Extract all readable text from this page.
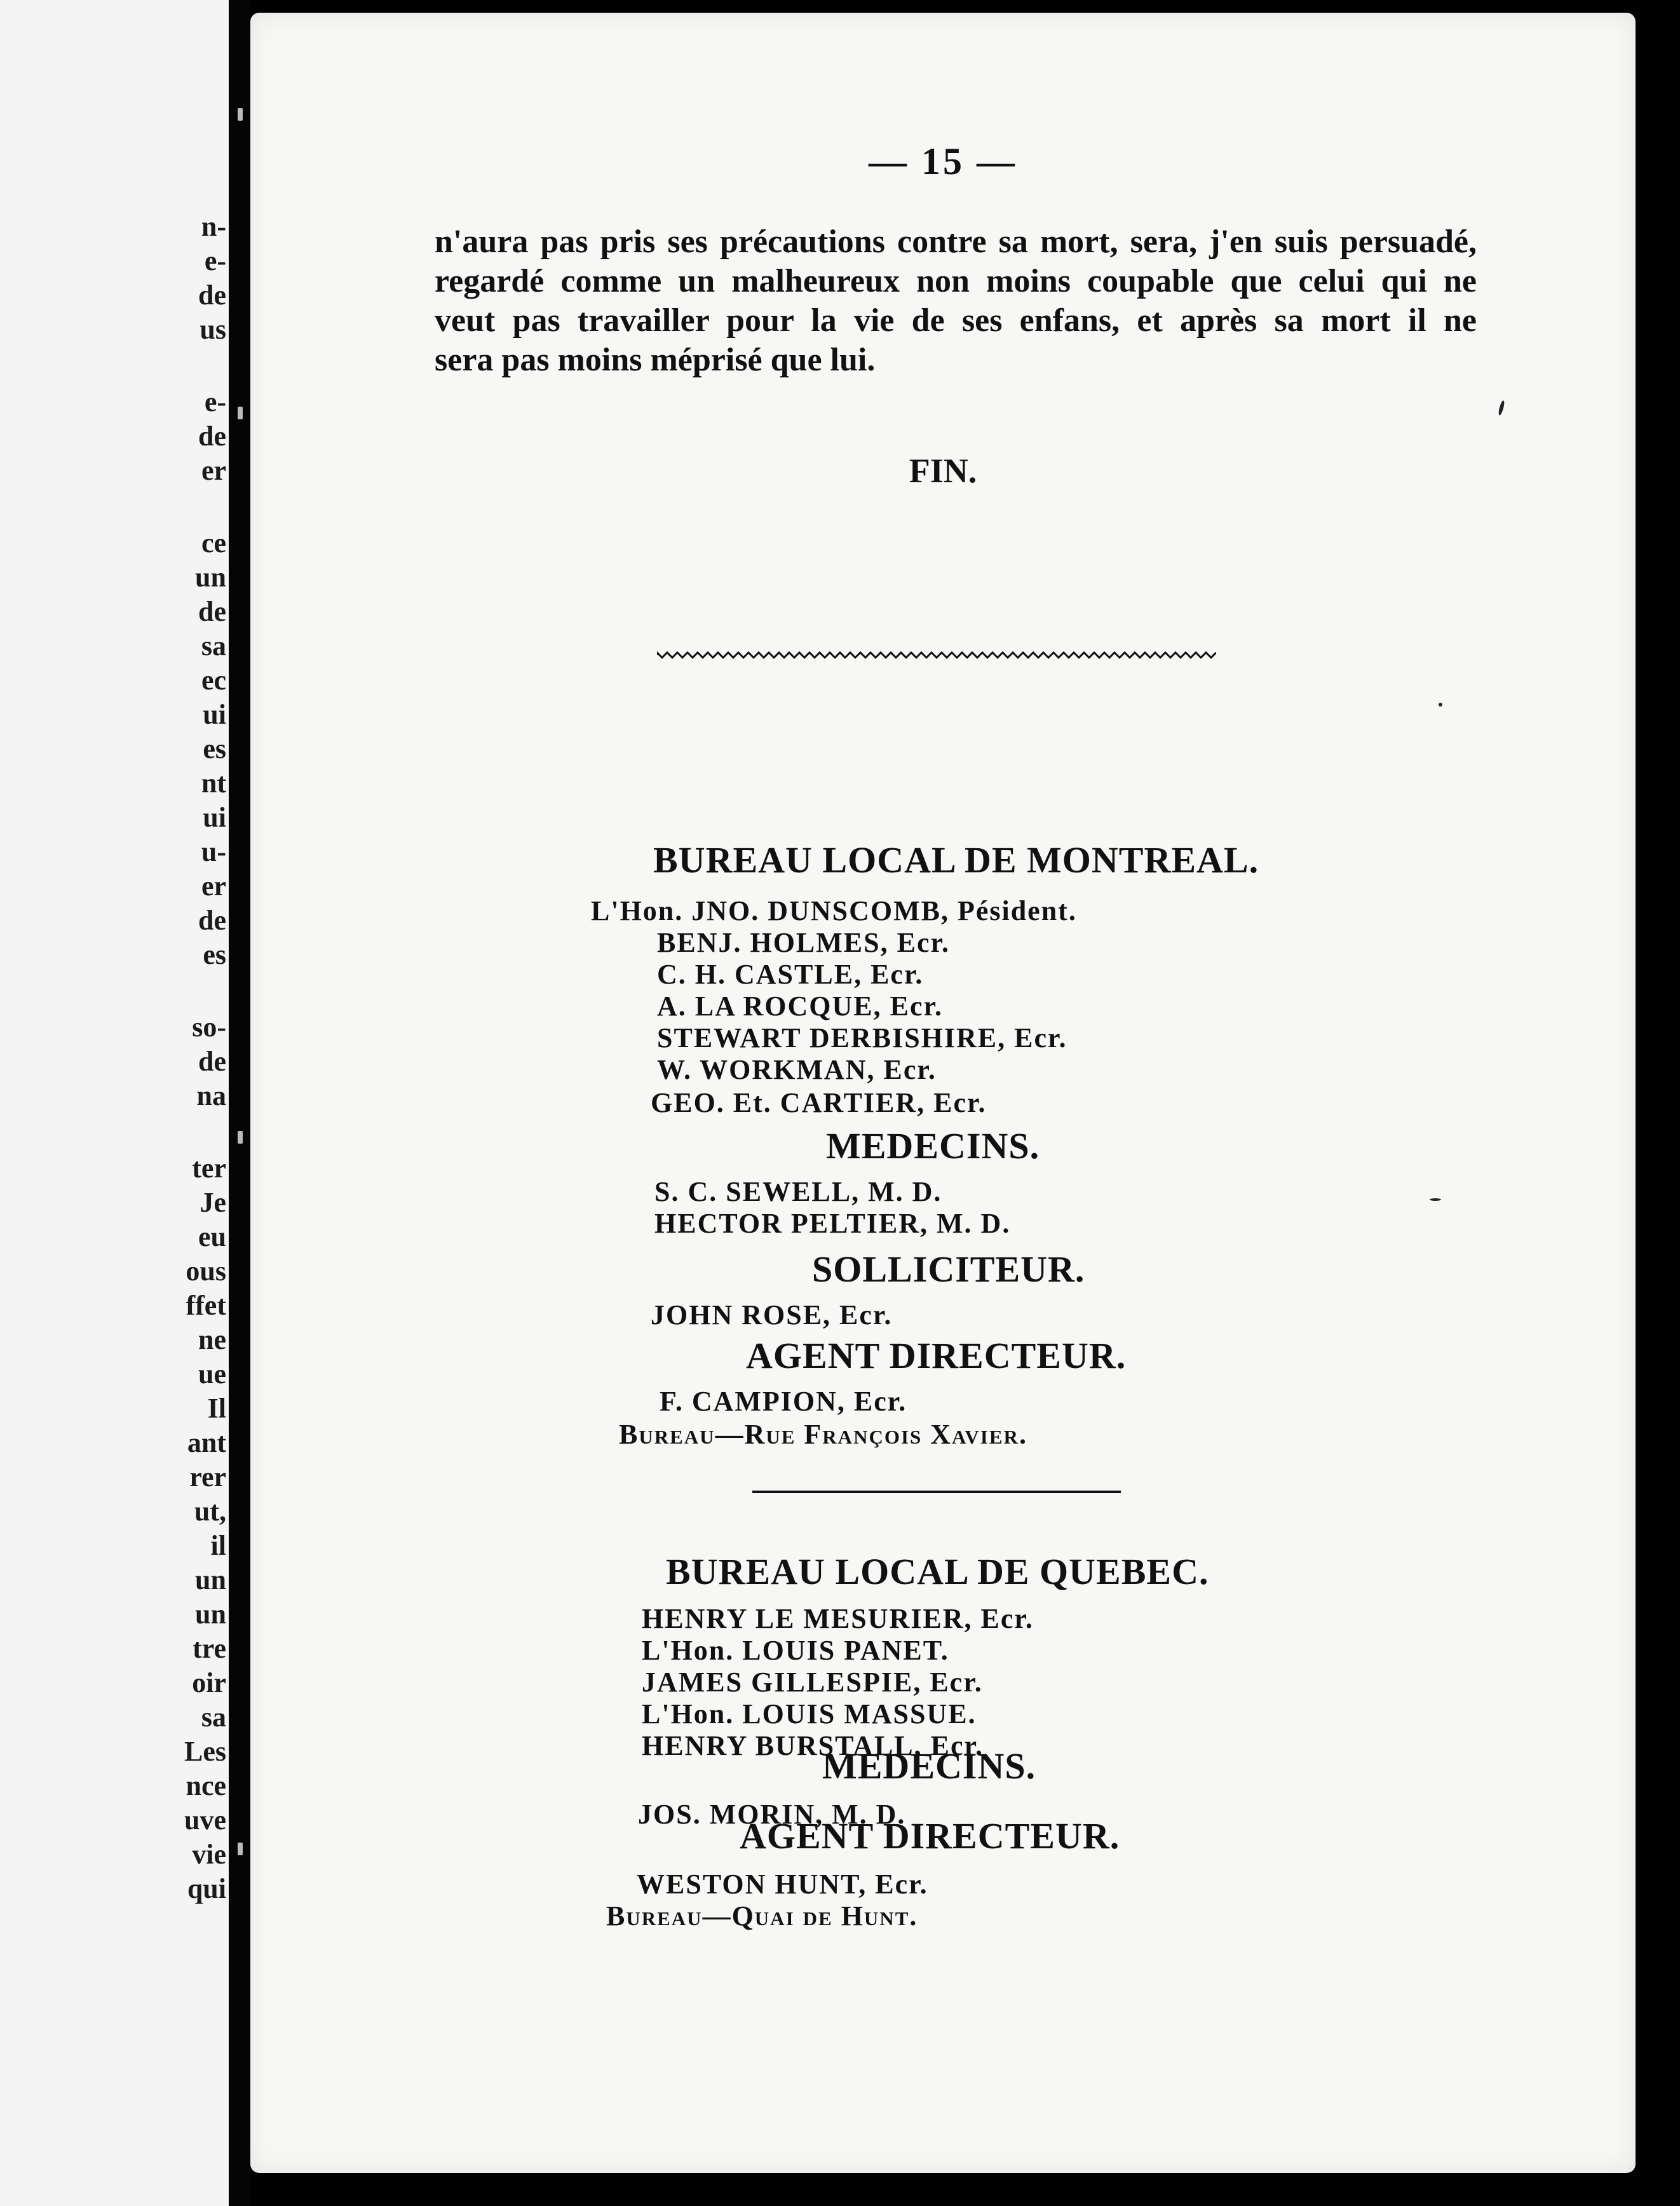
n-
e-
de
us
e-
de
er
ce
un
de
sa
ec
ui
es
nt
ui
u-
er
de
es
so-
de
na
ter
Je
eu
ous
ffet
ne
ue
Il
ant
rer
ut,
il
un
un
tre
oir
sa
Les
nce
uve
vie
qui
— 15 —
n'aura pas pris ses précautions contre sa mort, sera, j'en suis persuadé,
regardé comme un malheureux non moins coupable que celui qui ne
veut pas travailler pour la vie de ses enfans, et après sa mort il ne
sera pas moins méprisé que lui.
FIN.
BUREAU LOCAL DE MONTREAL.
L'Hon. JNO. DUNSCOMB, Pésident.
BENJ. HOLMES, Ecr.
C. H. CASTLE, Ecr.
A. LA ROCQUE, Ecr.
STEWART DERBISHIRE, Ecr.
W. WORKMAN, Ecr.
GEO. Et. CARTIER, Ecr.
MEDECINS.
S. C. SEWELL, M. D.
HECTOR PELTIER, M. D.
SOLLICITEUR.
JOHN ROSE, Ecr.
AGENT DIRECTEUR.
F. CAMPION, Ecr.
Bureau—Rue François Xavier.
BUREAU LOCAL DE QUEBEC.
HENRY LE MESURIER, Ecr.
L'Hon. LOUIS PANET.
JAMES GILLESPIE, Ecr.
L'Hon. LOUIS MASSUE.
HENRY BURSTALL, Ecr.
MEDECINS.
JOS. MORIN, M. D.
AGENT DIRECTEUR.
WESTON HUNT, Ecr.
Bureau—Quai de Hunt.
